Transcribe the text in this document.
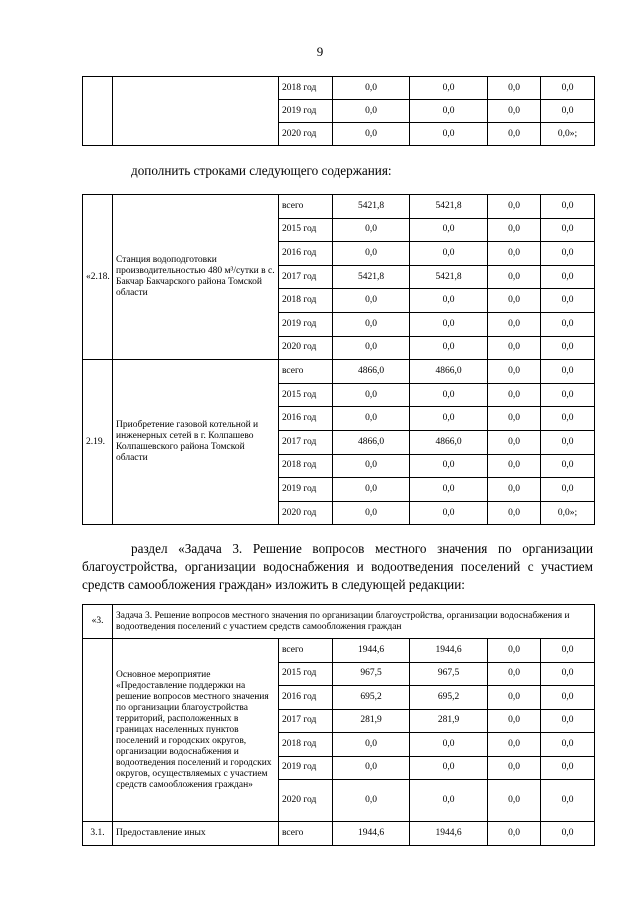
9
		2018 год	0,0	0,0	0,0	0,0
		2019 год	0,0	0,0	0,0	0,0
		2020 год	0,0	0,0	0,0	0,0»;
дополнить строками следующего содержания:
«2.18.	Станция водоподготовки производительностью 480 м³/сутки в с. Бакчар Бакчарского района Томской области	всего	5421,8	5421,8	0,0	0,0
		2015 год	0,0	0,0	0,0	0,0
		2016 год	0,0	0,0	0,0	0,0
		2017 год	5421,8	5421,8	0,0	0,0
		2018 год	0,0	0,0	0,0	0,0
		2019 год	0,0	0,0	0,0	0,0
		2020 год	0,0	0,0	0,0	0,0
2.19.	Приобретение газовой котельной и инженерных сетей в г. Колпашево Колпашевского района Томской области	всего	4866,0	4866,0	0,0	0,0
		2015 год	0,0	0,0	0,0	0,0
		2016 год	0,0	0,0	0,0	0,0
		2017 год	4866,0	4866,0	0,0	0,0
		2018 год	0,0	0,0	0,0	0,0
		2019 год	0,0	0,0	0,0	0,0
		2020 год	0,0	0,0	0,0	0,0»;
раздел «Задача 3. Решение вопросов местного значения по организации
благоустройства, организации водоснабжения и водоотведения поселений с участием
средств самообложения граждан» изложить в следующей редакции:
«3.	Задача 3. Решение вопросов местного значения по организации благоустройства, организации водоснабжения и водоотведения поселений с участием средств самообложения граждан					
	Основное мероприятие «Предоставление поддержки на решение вопросов местного значения по организации благоустройства территорий, расположенных в границах населенных пунктов поселений и городских округов, организации водоснабжения и водоотведения поселений и городских округов, осуществляемых с участием средств самообложения граждан»	всего	1944,6	1944,6	0,0	0,0
		2015 год	967,5	967,5	0,0	0,0
		2016 год	695,2	695,2	0,0	0,0
		2017 год	281,9	281,9	0,0	0,0
		2018 год	0,0	0,0	0,0	0,0
		2019 год	0,0	0,0	0,0	0,0
		2020 год	0,0	0,0	0,0	0,0
3.1.	Предоставление иных	всего	1944,6	1944,6	0,0	0,0
